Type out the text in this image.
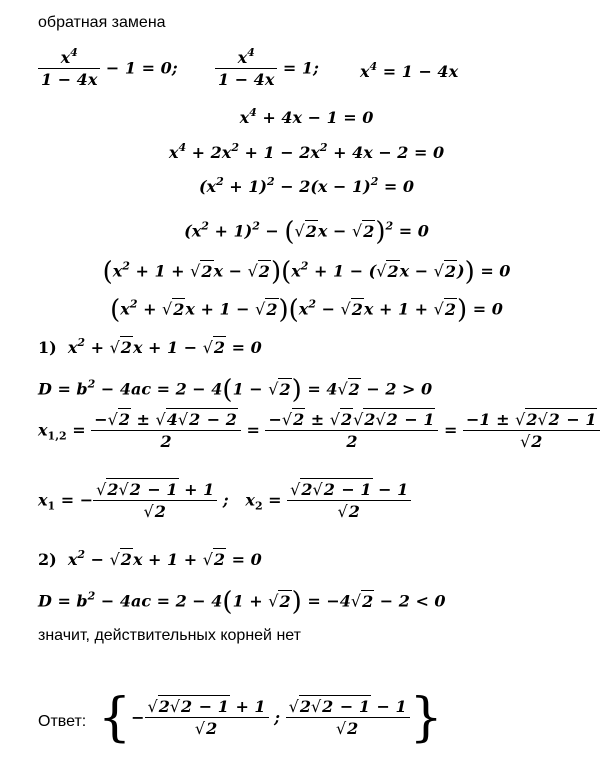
обратная замена
$\frac{x^4}{1 - 4x} - 1 = 0$; $\frac{x^4}{1 - 4x} = 1$;	$x^4 = 1 - 4x$
$x^4 + 4x - 1 = 0$
$x^4 + 2x^2 + 1 - 2x^2 + 4x - 2 = 0$
$(x^2 + 1)^2 - 2(x - 1)^2 = 0$
$(x^2 + 1)^2 - (√2x - √2)^2 = 0$
$(x^2 + 1 + √2x - √2)(x^2 + 1 - (√2x - √2)) = 0$
$(x^2 + √2x + 1 - √2)(x^2 - √2x + 1 + √2) = 0$
1)  $x^2 + √2x + 1 - √2 = 0$
$D = b^2 - 4ac = 2 - 4(1 - √2) = 4√2 - 2 > 0$
$x_{1,2} = \frac{-√2 \pm √4√2 - 2}{2} = \frac{-√2 \pm √2√2√2 - 1}{2} = \frac{-1 \pm √2√2 - 1}{√2}$
$x_1$ = − $\frac{√2√2 - 1 + 1}{√2}$ ;   $x_2 = \frac{√2√2 - 1 - 1}{√2}$
2)  $x^2 - √2x + 1 + √2 = 0$
$D = b^2 - 4ac = 2 - 4(1 + √2) = -4√2 - 2 < 0$
значит, действительных корней нет
Ответ: {− $\frac{√2√2 - 1 + 1}{√2}$ ; $\frac{√2√2 - 1 - 1}{√2}$ }
